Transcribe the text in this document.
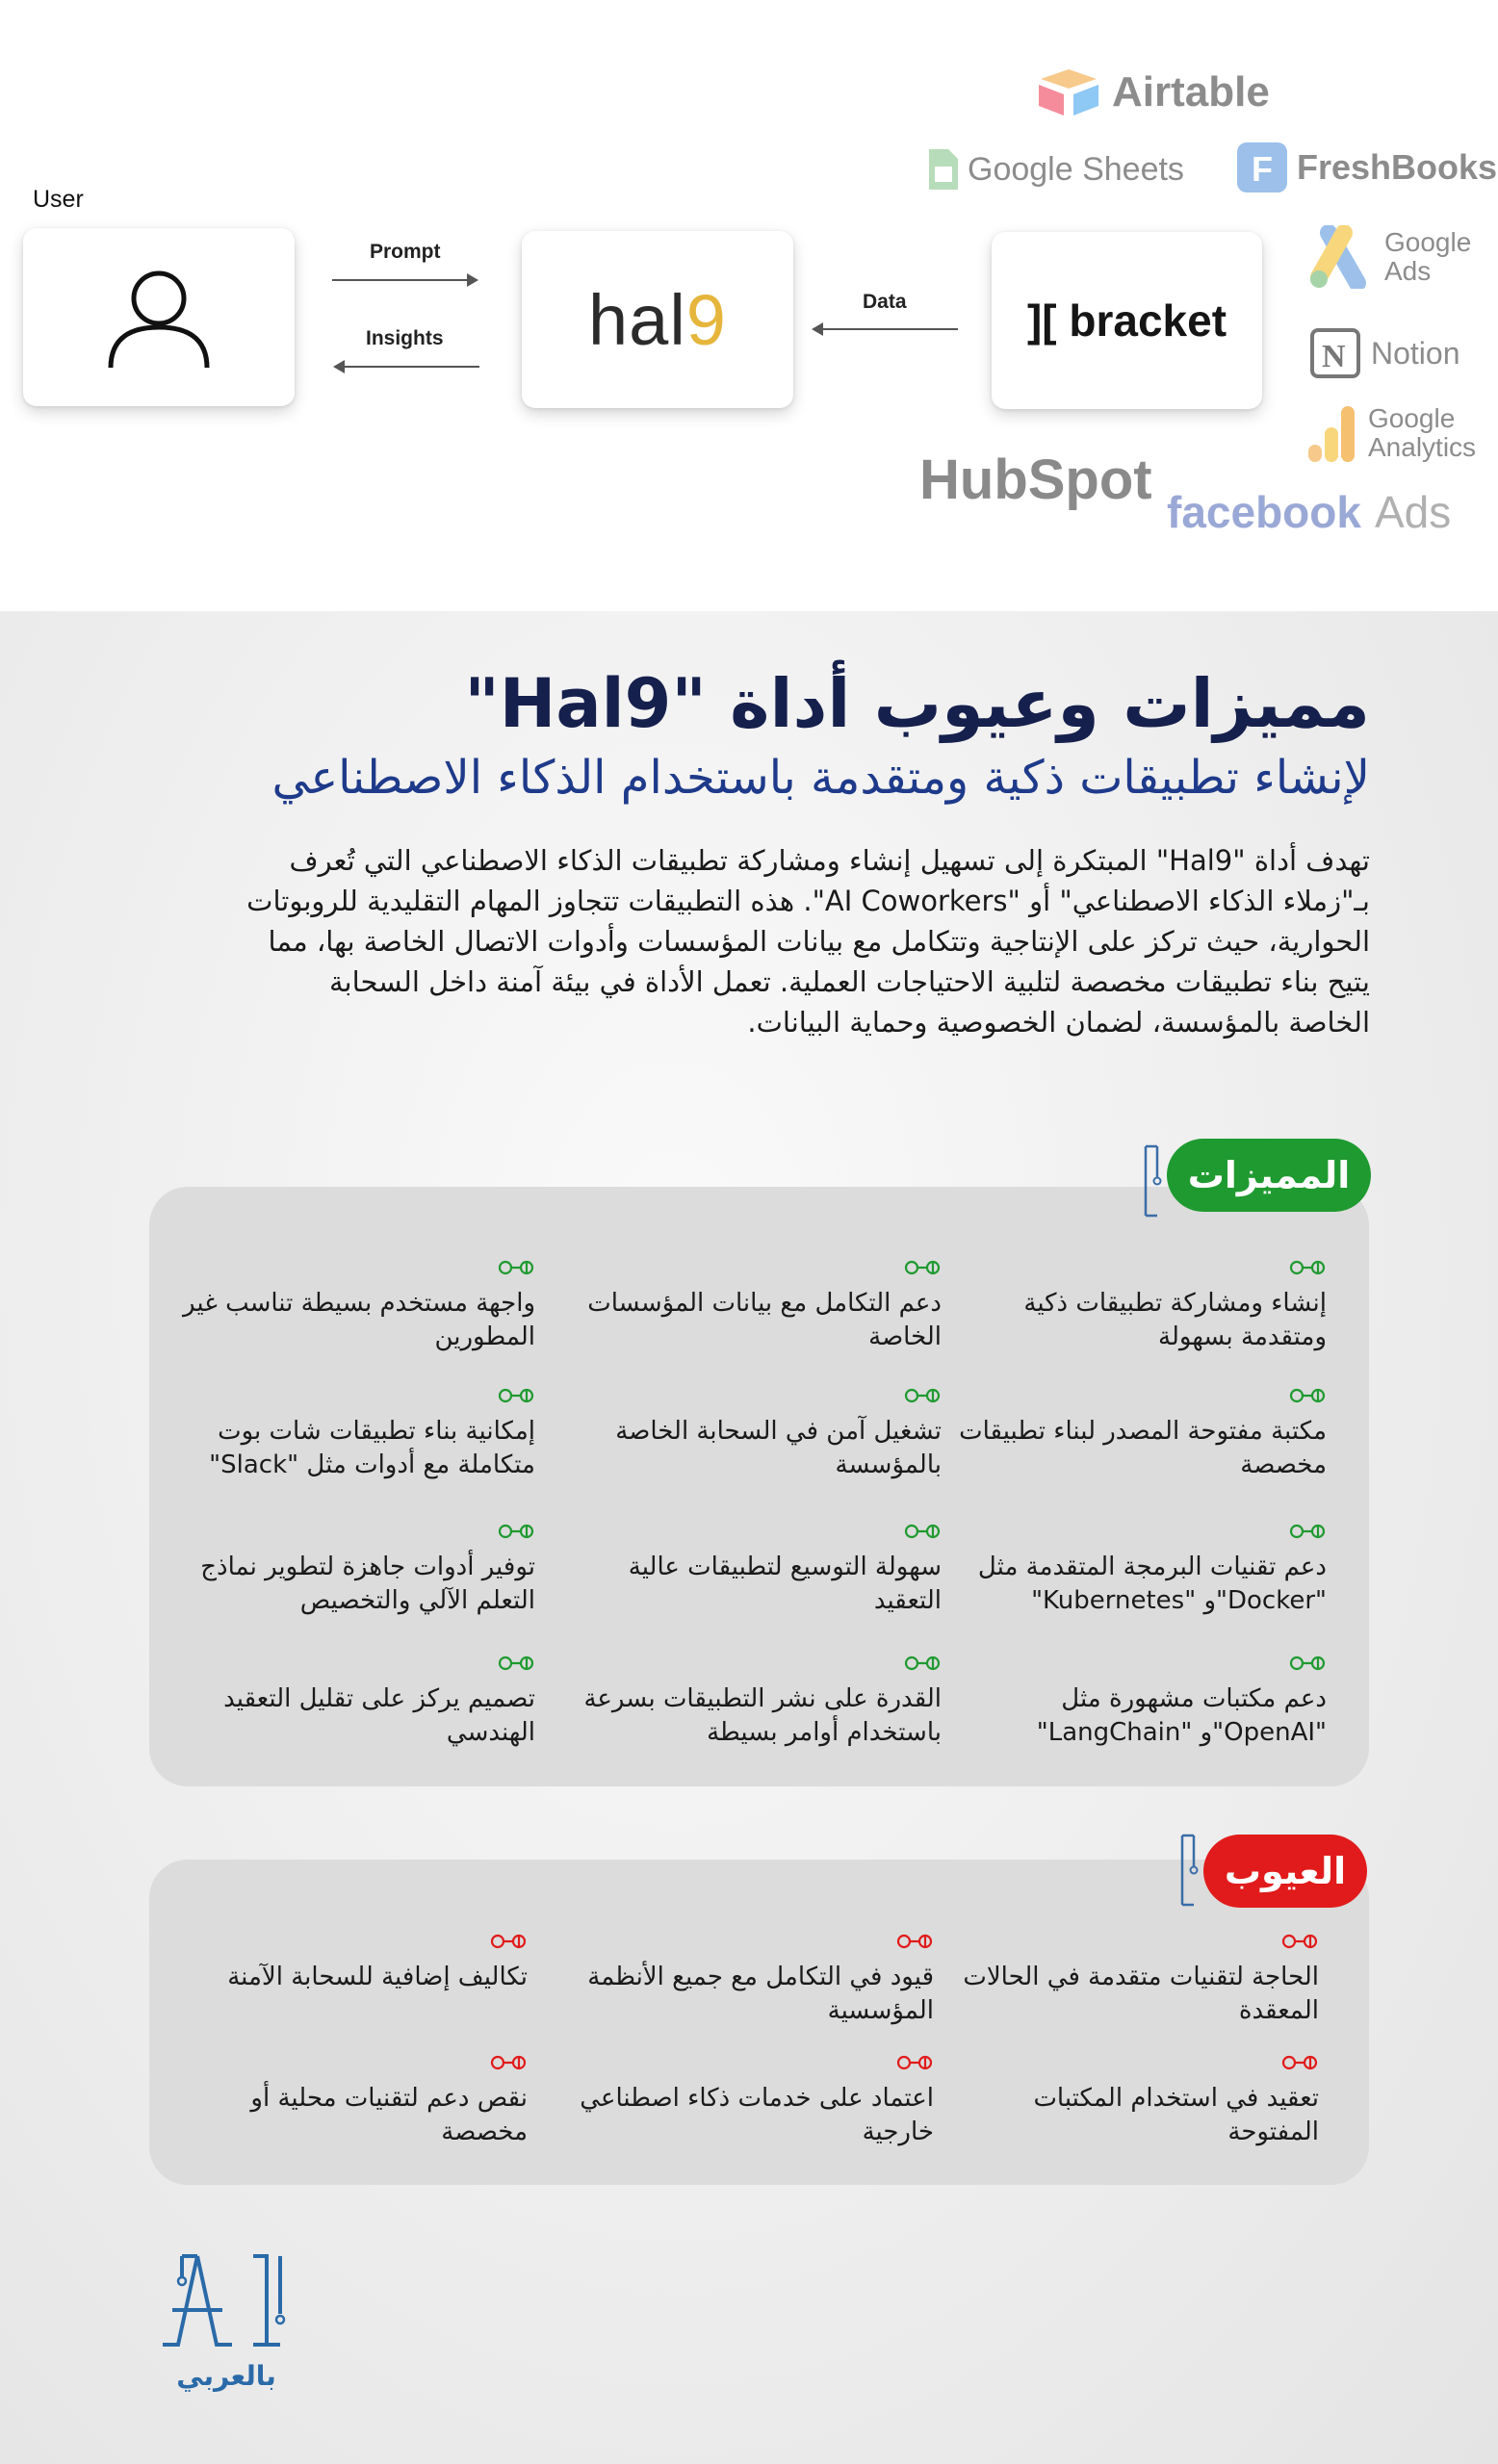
User
Prompt
Insights hal9	Data	][ bracket
Airtable
Google Sheets F FreshBooks
Google
Ads
N Notion
Google
Analytics
HubSpot
facebook Ads
مميزات وعيوب أداة "Hal9"
لإنشاء تطبيقات ذكية ومتقدمة باستخدام الذكاء الاصطناعي
تهدف أداة "Hal9" المبتكرة إلى تسهيل إنشاء ومشاركة تطبيقات الذكاء الاصطناعي التي تُعرف
بـ"زملاء الذكاء الاصطناعي" أو "AI Coworkers". هذه التطبيقات تتجاوز المهام التقليدية للروبوتات
الحوارية، حيث تركز على الإنتاجية وتتكامل مع بيانات المؤسسات وأدوات الاتصال الخاصة بها، مما
يتيح بناء تطبيقات مخصصة لتلبية الاحتياجات العملية. تعمل الأداة في بيئة آمنة داخل السحابة
الخاصة بالمؤسسة، لضمان الخصوصية وحماية البيانات.
المميزات
العيوب
بالعربي
إنشاء ومشاركة تطبيقات ذكية ومتقدمة بسهولة
دعم التكامل مع بيانات المؤسسات الخاصة
واجهة مستخدم بسيطة تناسب غير المطورين
مكتبة مفتوحة المصدر لبناء تطبيقات مخصصة
تشغيل آمن في السحابة الخاصة بالمؤسسة
إمكانية بناء تطبيقات شات بوت متكاملة مع أدوات مثل "Slack"
دعم تقنيات البرمجة المتقدمة مثل "Docker"و "Kubernetes"
سهولة التوسيع لتطبيقات عالية التعقيد
توفير أدوات جاهزة لتطوير نماذج التعلم الآلي والتخصيص
دعم مكتبات مشهورة مثل "OpenAI"و "LangChain"
القدرة على نشر التطبيقات بسرعة باستخدام أوامر بسيطة
تصميم يركز على تقليل التعقيد الهندسي
الحاجة لتقنيات متقدمة في الحالات المعقدة
قيود في التكامل مع جميع الأنظمة المؤسسية
تكاليف إضافية للسحابة الآمنة
تعقيد في استخدام المكتبات المفتوحة
اعتماد على خدمات ذكاء اصطناعي خارجية
نقص دعم لتقنيات محلية أو مخصصة
